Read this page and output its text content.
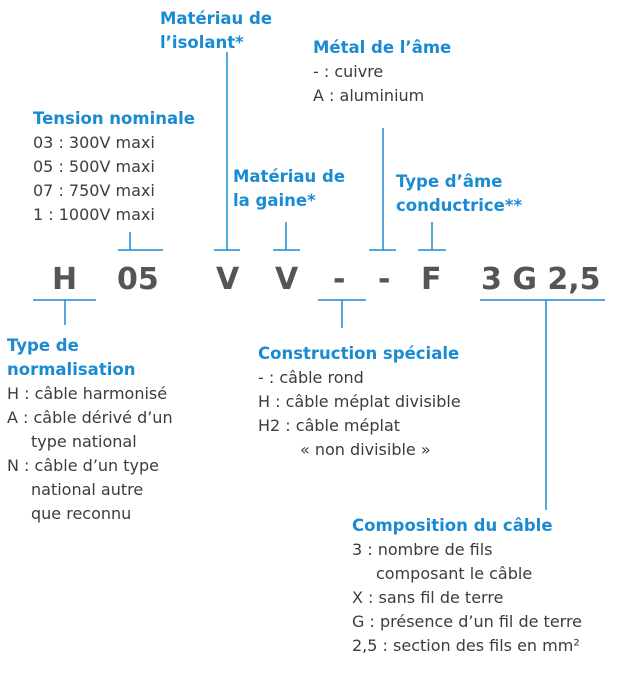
H 05 V V - - F 3 G 2,5
Matériau de l’isolant*	Métal de l’âme
- : cuivre
A : aluminium
Tension nominale
03 : 300V maxi
05 : 500V maxi
07 : 750V maxi
1 : 1000V maxi
Matériau de la gaine*
Type d’âme conductrice**
Type de normalisation
H : câble harmonisé
A : câble dérivé d’un
type national
N : câble d’un type
national autre
que reconnu
Construction spéciale
- : câble rond
H : câble méplat divisible
H2 : câble méplat
« non divisible »
Composition du câble
3 : nombre de fils
composant le câble
X : sans fil de terre
G : présence d’un fil de terre
2,5 : section des fils en mm²
